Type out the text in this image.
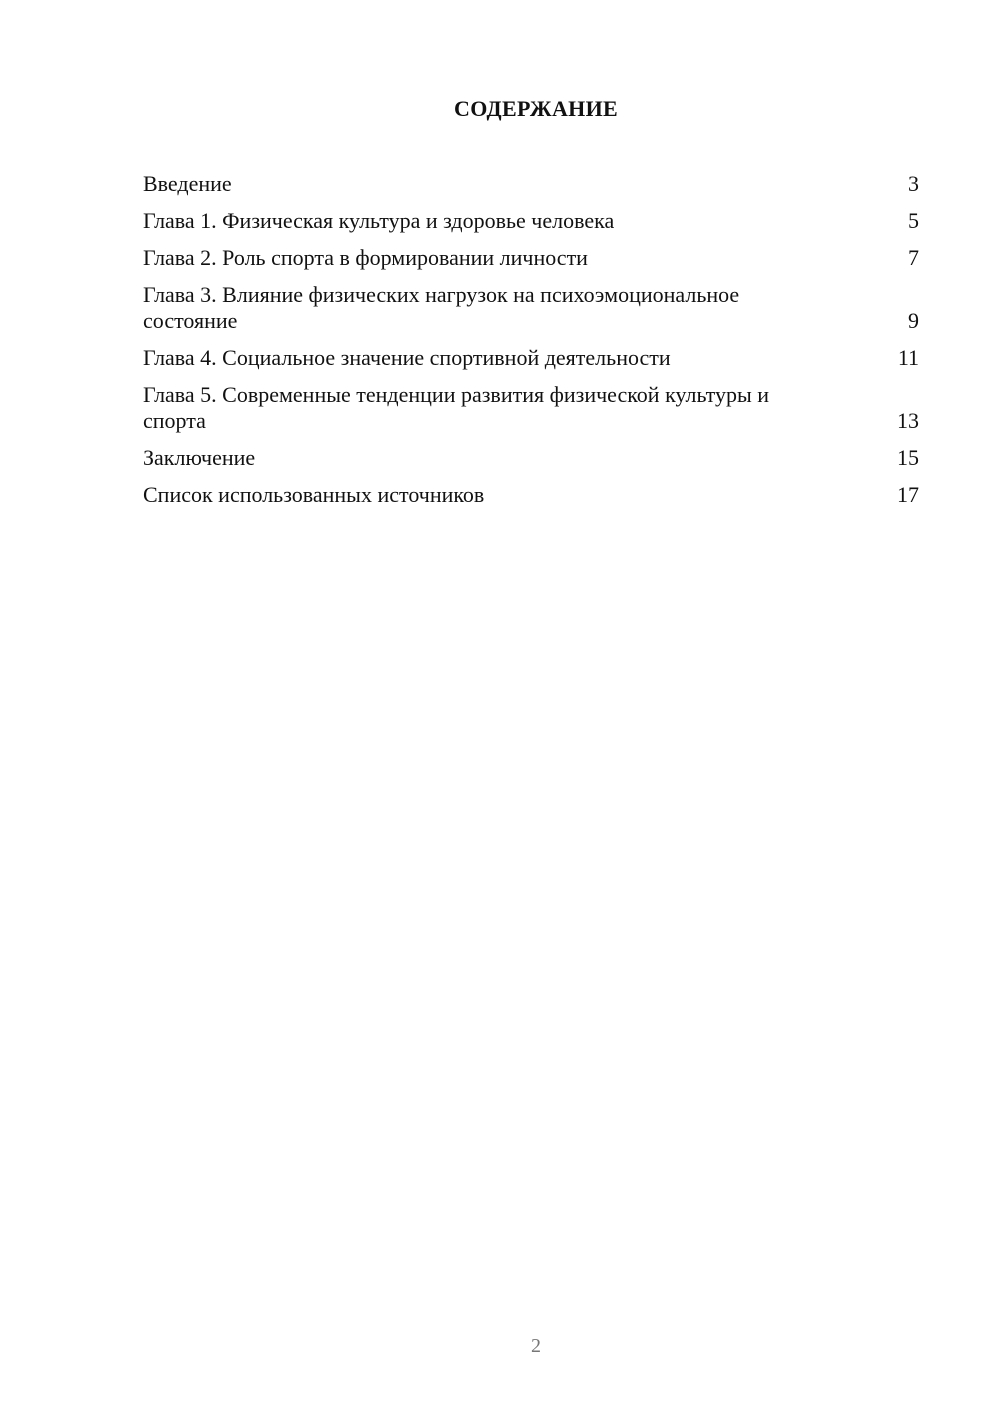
СОДЕРЖАНИЕ
Введение	3
Глава 1. Физическая культура и здоровье человека	5
Глава 2. Роль спорта в формировании личности	7
Глава 3. Влияние физических нагрузок на психоэмоциональное состояние	9
Глава 4. Социальное значение спортивной деятельности	11
Глава 5. Современные тенденции развития физической культуры и спорта	13
Заключение	15
Список использованных источников	17
2
